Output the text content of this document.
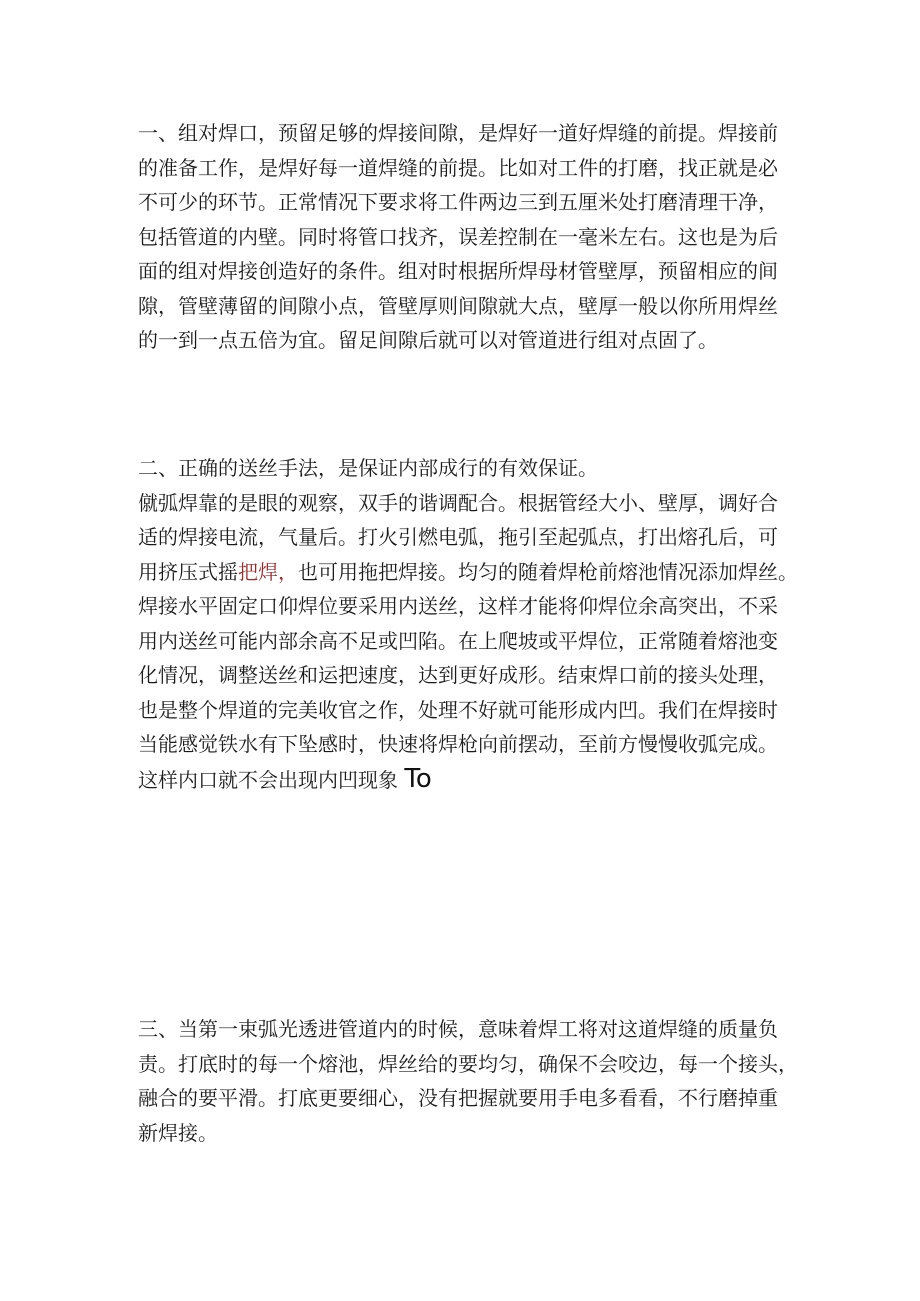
一、组对焊口，预留足够的焊接间隙，是焊好一道好焊缝的前提。焊接前
的准备工作，是焊好每一道焊缝的前提。比如对工件的打磨，找正就是必
不可少的环节。正常情况下要求将工件两边三到五厘米处打磨清理干净，
包括管道的内壁。同时将管口找齐，误差控制在一毫米左右。这也是为后
面的组对焊接创造好的条件。组对时根据所焊母材管壁厚，预留相应的间
隙，管壁薄留的间隙小点，管壁厚则间隙就大点，壁厚一般以你所用焊丝
的一到一点五倍为宜。留足间隙后就可以对管道进行组对点固了。
二、正确的送丝手法，是保证内部成行的有效保证。
僦弧焊靠的是眼的观察，双手的谐调配合。根据管经大小、壁厚，调好合
适的焊接电流，气量后。打火引燃电弧，拖引至起弧点，打出熔孔后，可
用挤压式摇把焊，也可用拖把焊接。均匀的随着焊枪前熔池情况添加焊丝。
焊接水平固定口仰焊位要采用内送丝，这样才能将仰焊位余高突出，不采
用内送丝可能内部余高不足或凹陷。在上爬坡或平焊位，正常随着熔池变
化情况，调整送丝和运把速度，达到更好成形。结束焊口前的接头处理，
也是整个焊道的完美收官之作，处理不好就可能形成内凹。我们在焊接时
当能感觉铁水有下坠感时，快速将焊枪向前摆动，至前方慢慢收弧完成。
这样内口就不会出现内凹现象 To
三、当第一束弧光透进管道内的时候，意味着焊工将对这道焊缝的质量负
责。打底时的每一个熔池，焊丝给的要均匀，确保不会咬边，每一个接头，
融合的要平滑。打底更要细心，没有把握就要用手电多看看，不行磨掉重
新焊接。
